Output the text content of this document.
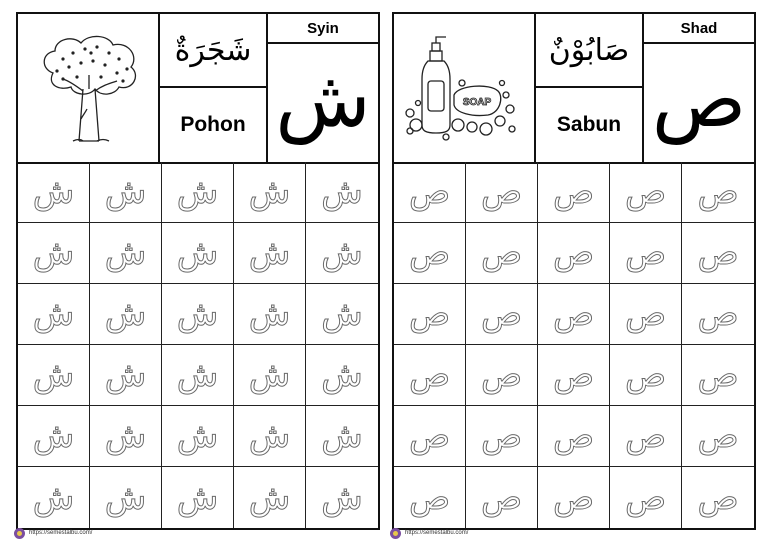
شَجَرَةٌ
Pohon
Syin
ش
ش ش ش ش ش
ش ش ش ش ش
ش ش ش ش ش
ش ش ش ش ش
ش ش ش ش ش
ش ش ش ش ش
SOAP
صَابُوْنٌ
Sabun
Shad
ص
ص ص ص ص ص
ص ص ص ص ص
ص ص ص ص ص
ص ص ص ص ص
ص ص ص ص ص
ص ص ص ص ص
https://semestalbu.com/	https://semestalbu.com/
